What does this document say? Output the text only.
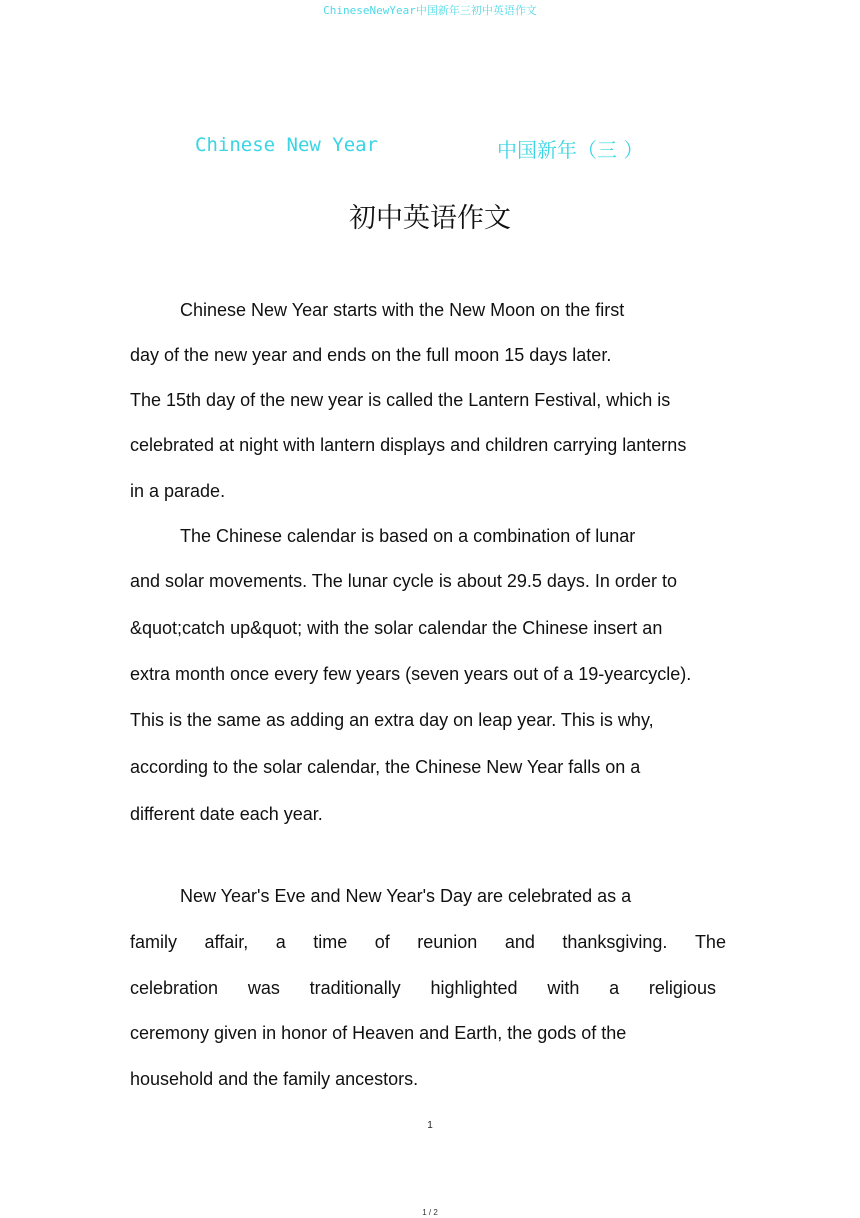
ChineseNewYear中国新年三初中英语作文
Chinese New Year	中国新年（三 ）
初中英语作文
Chinese New Year starts with the New Moon on the first
day of the new year and ends on the full moon 15 days later.
The 15th day of the new year is called the Lantern Festival, which is
celebrated at night with lantern displays and children carrying lanterns
in a parade.
The Chinese calendar is based on a combination of lunar
and solar movements. The lunar cycle is about 29.5 days. In order to
&quot;catch up&quot; with the solar calendar the Chinese insert an
extra month once every few years (seven years out of a 19-yearcycle).
This is the same as adding an extra day on leap year. This is why,
according to the solar calendar, the Chinese New Year falls on a
different date each year.
New Year's Eve and New Year's Day are celebrated as a
family affair, a time of reunion and thanksgiving. The
celebration was traditionally highlighted with a religious
ceremony given in honor of Heaven and Earth, the gods of the
household and the family ancestors.
1
1 / 2
